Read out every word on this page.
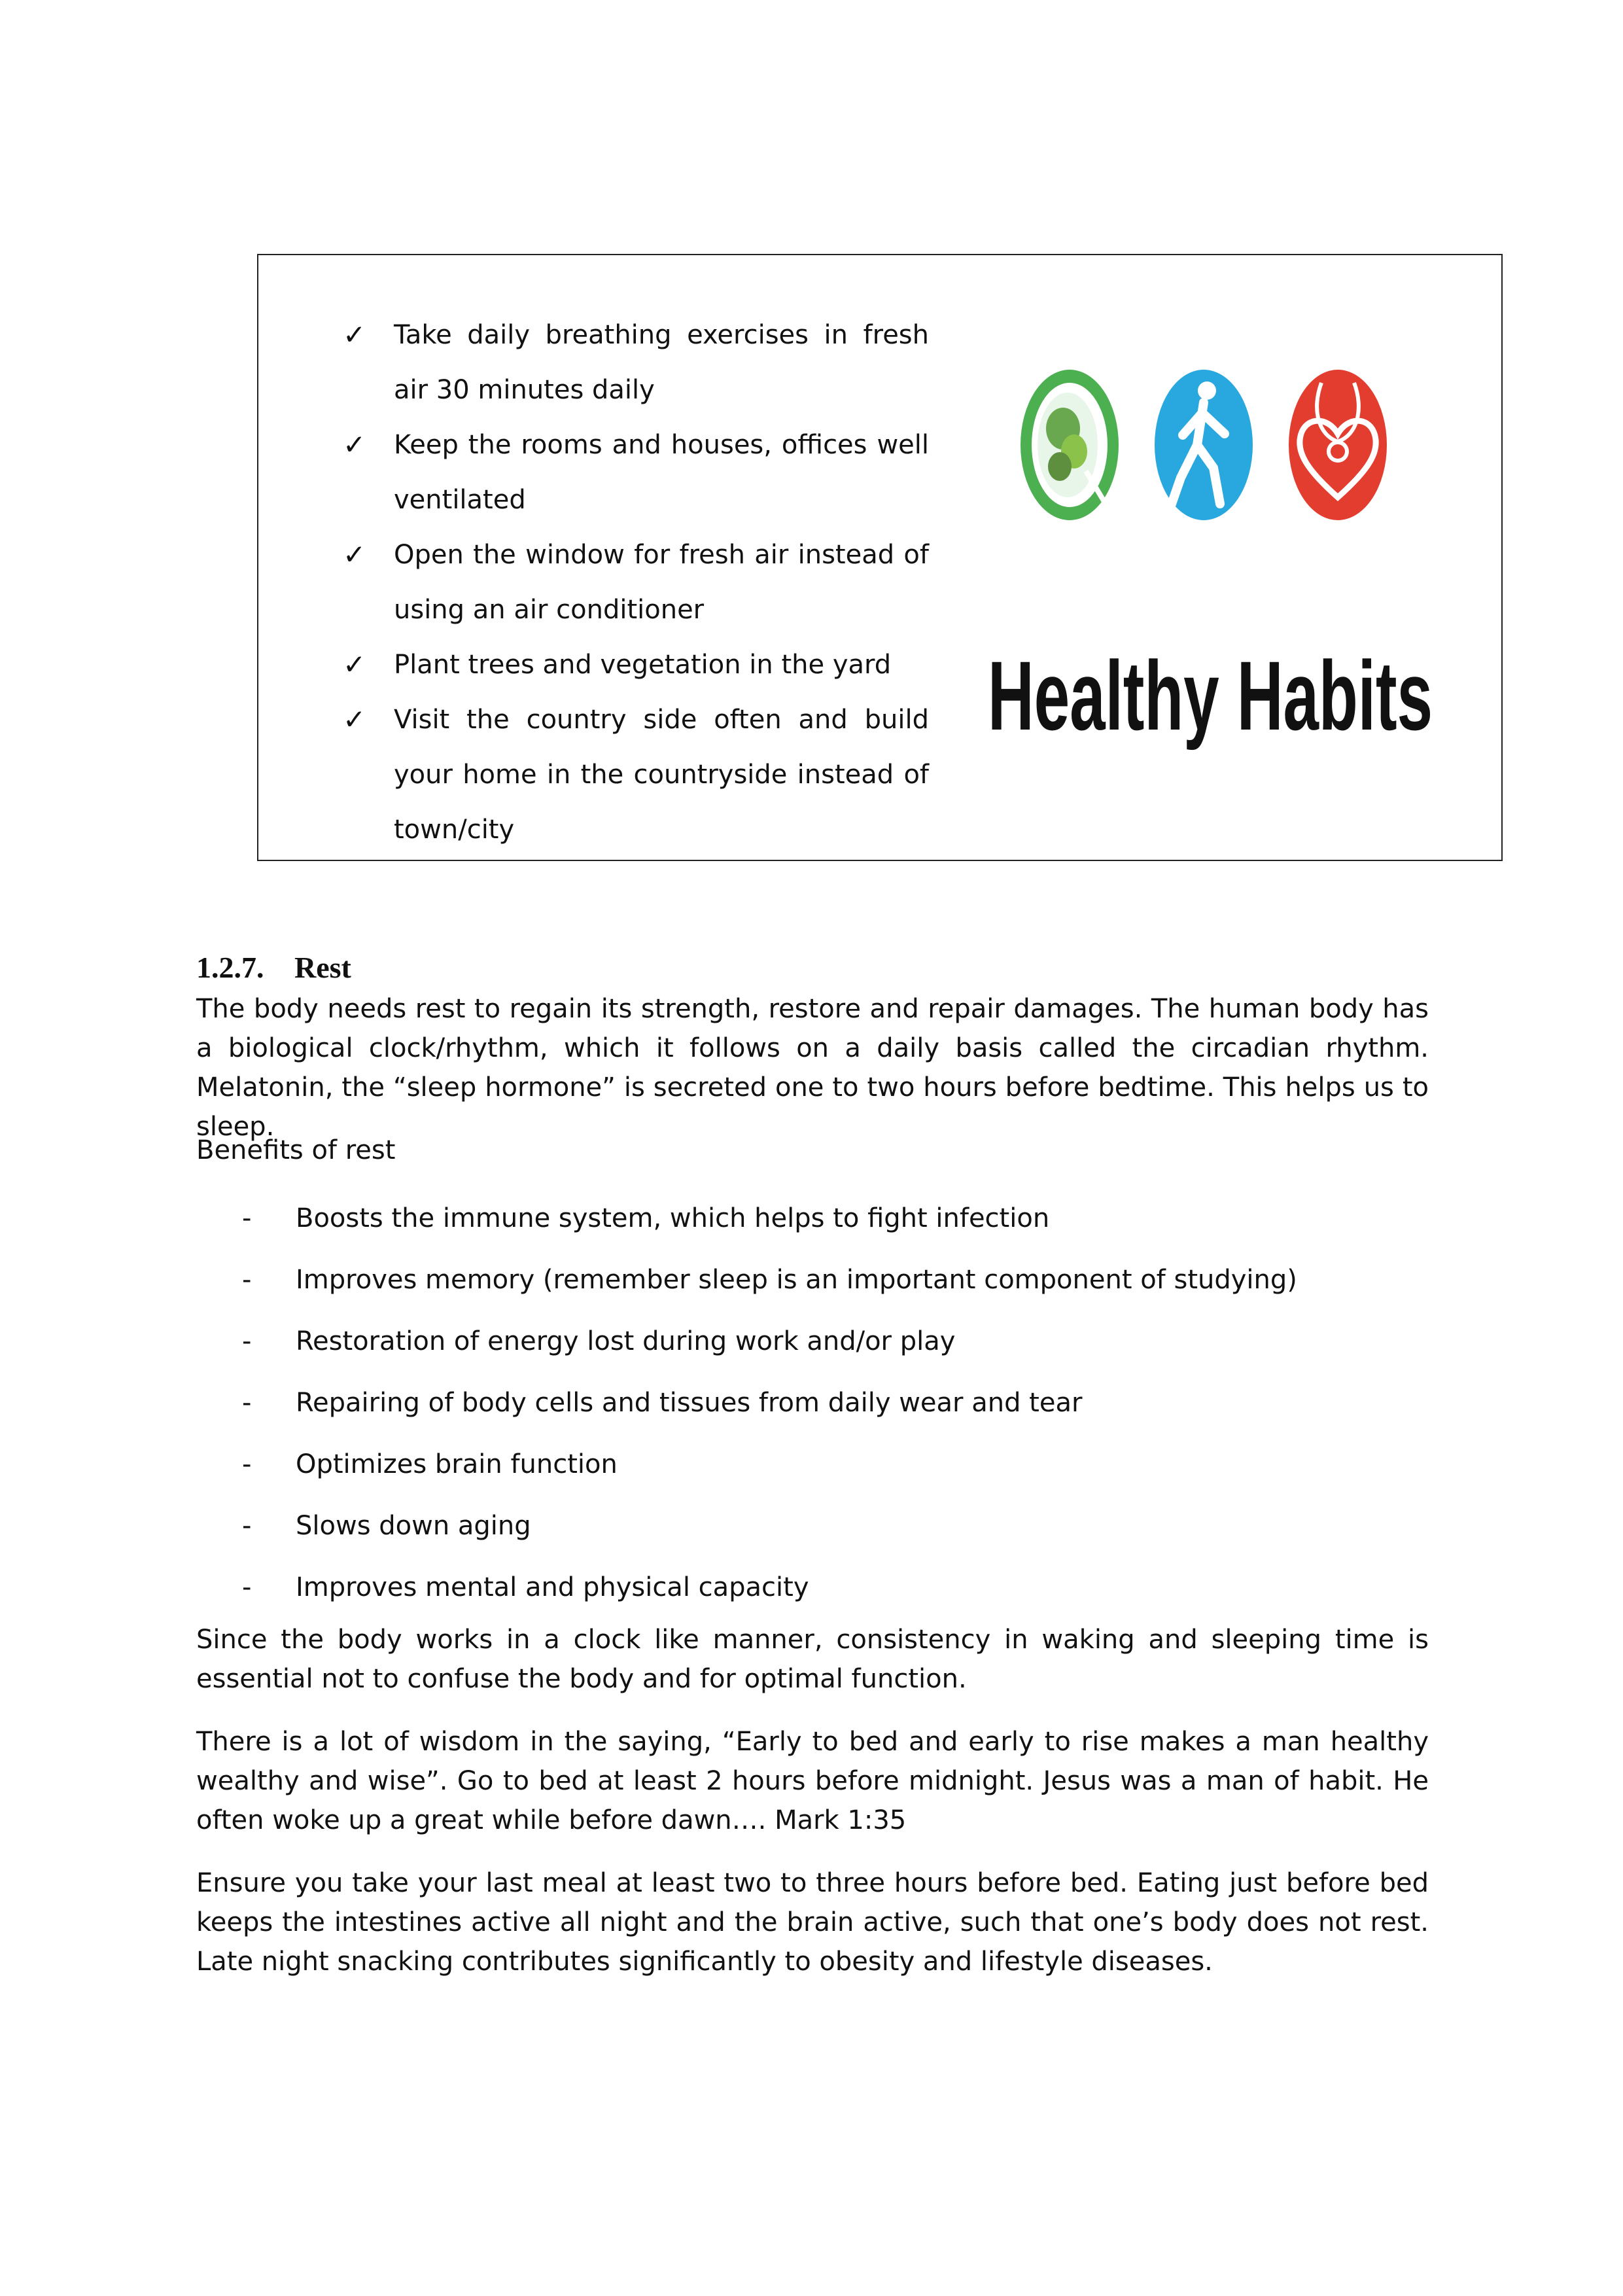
✓ Take daily breathing exercises in fresh air 30 minutes daily
✓ Keep the rooms and houses, offices well ventilated
✓ Open the window for fresh air instead of using an air conditioner
✓ Plant trees and vegetation in the yard
✓ Visit the country side often and build your home in the countryside instead of town/city
Healthy Habits
1.2.7. Rest

The body needs rest to regain its strength, restore and repair damages. The human body has a biological clock/rhythm, which it follows on a daily basis called the circadian rhythm. Melatonin, the “sleep hormone” is secreted one to two hours before bedtime. This helps us to sleep.

Benefits of rest

- Boosts the immune system, which helps to fight infection
- Improves memory (remember sleep is an important component of studying)
- Restoration of energy lost during work and/or play
- Repairing of body cells and tissues from daily wear and tear
- Optimizes brain function
- Slows down aging
- Improves mental and physical capacity

Since the body works in a clock like manner, consistency in waking and sleeping time is essential not to confuse the body and for optimal function.

There is a lot of wisdom in the saying, “Early to bed and early to rise makes a man healthy wealthy and wise”. Go to bed at least 2 hours before midnight. Jesus was a man of habit. He often woke up a great while before dawn…. Mark 1:35

Ensure you take your last meal at least two to three hours before bed. Eating just before bed keeps the intestines active all night and the brain active, such that one’s body does not rest. Late night snacking contributes significantly to obesity and lifestyle diseases.
